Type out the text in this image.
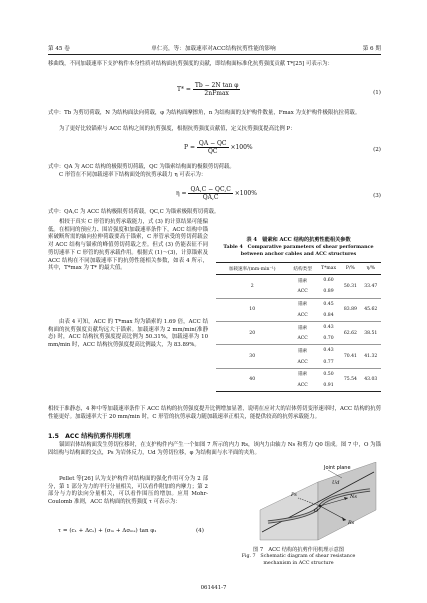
第 45 卷	单仁亮，等：加载速率对ACC结构抗剪性能的影响	第 6 期
移曲线，不同加载速率下支护构件本身性质对结构面抗剪强度的贡献，即结构面标准化抗剪强度贡献 T*[25] 可表示为：
$T* = \frac{\text{Tb − 2N tan φ}}{2nFmax}$	(1)
式中：Tb 为剪切荷载，N 为结构面法向荷载，φ 为结构面摩擦角，n 为结构面的支护构件数量，Fmax 为支护构件极限抗拉荷载。
为了更好比较锚索与 ACC 结构之间的抗剪强度，根据抗剪强度贡献值，定义抗剪强度提高比例 P：
$P = \frac{QA - QC}{QC} \times 100\%$	(2)
式中：QA 为 ACC 结构的极限剪切荷载，QC 为锚索结构面的极限剪切荷载。
C 形管在不同加载速率下结构面处的抗剪承载力 η 可表示为：
$\eta = \frac{QA,C - QC,C}{QA,C} \times 100\%$	(3)
式中：QA,C 为 ACC 结构极限剪切荷载，QC,C 为锚索极限剪切荷载。
相较于真实 C 形管的抗剪承载能力，式 (3) 的计算结果可能偏低。在相同的预应力、围岩强度和加载速率条件下，ACC 结构中锚索破断所需的轴向拉伸荷载要高于锚索，C 形管承受的剪切荷载会对 ACC 结构与锚索的峰值剪切荷载之差。但式 (3) 仍能表征不同剪切速率下 C 形管的抗剪承载作用。根据式 (1)～(3)，计算锚索及 ACC 结构在不同加载速率下的抗剪性能相关参数，如表 4 所示，其中，T*max 为 T* 的最大值。
由表 4 可知，ACC 的 T*max 均为锚索的 1.69 倍，ACC 结构面的抗剪强度贡献均远大于锚索。加载速率为 2 mm/min(准静态) 时，ACC 结构抗剪强度提高比例为 50.31%，加载速率为 10 mm/min 时，ACC 结构抗剪强度提高比例最大，为 83.89%。
表 4　锚索和 ACC 结构的抗剪性能相关参数
Table 4　Comparative parameters of shear performance
between anchor cables and ACC structures
加载速率/(mm·min⁻¹)	结构类型	T*max	P/%	η/%
2	锚索	0.60	50.31	33.47
	ACC	0.89		
10	锚索	0.45	83.89	45.62
	ACC	0.84		
20	锚索	0.43	62.62	38.51
	ACC	0.70		
30	锚索	0.43	70.41	41.32
	ACC	0.77		
40	锚索	0.50	75.54	43.03
	ACC	0.91		
相较于准静态，4 种中等加载速率条件下 ACC 结构的抗剪强度提升比例增加显著，说明在应对大的岩体剪切变形速率时，ACC 结构的抗剪性能更好。加载速率大于 20 mm/min 时，C 形管的抗剪承载力随加载速率正相关，能提供较高的抗剪承载能力。
1.5　ACC 结构抗剪作用机理
锚固岩体结构面发生剪切位移时，在支护构件内产生一个如图 7 所示的内力 Rs，该内力由轴力 Ns 和剪力 Q0 组成。图 7 中，O 为锚固结构与结构面的交点，Ps 为岩体反力，Ud 为剪切位移，φ 为结构面与水平面的夹角。
Pellet 等[26] 认为支护构件对结构面的强化作用可分为 2 部分，第 1 部分为力的平行分量相关，可以看作附加的内摩力；第 2 部分与力的法向分量相关，可以看作围压的增加。应用 Mohr-Coulomb 准则，ACC 结构面的抗剪强度 τ 可表示为：
τ = (c₁ + Δcₛ) + (σₘ + Δσₘₛ) tan φ₁	(4)
Joint plane
Rs
Ns
Ps
Ud
O
图 7　ACC 结构的抗剪作用机理示意图
Fig. 7　Schematic diagram of shear resistance
mechanism in ACC structure
061441-7
